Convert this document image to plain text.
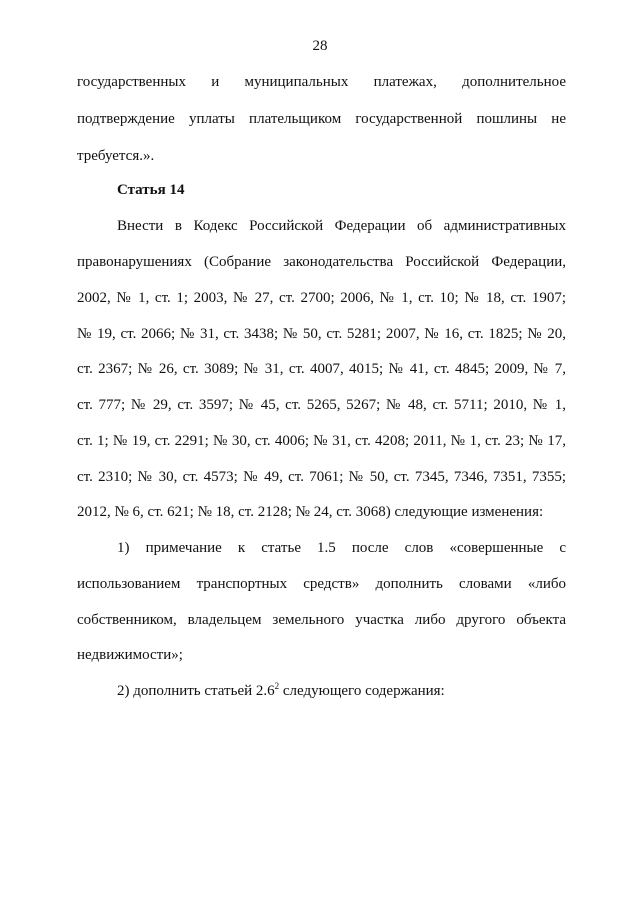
28
государственных и муниципальных платежах, дополнительное
подтверждение уплаты плательщиком государственной пошлины не
требуется.».
Статья 14
Внести в Кодекс Российской Федерации об административных
правонарушениях (Собрание законодательства Российской Федерации,
2002, № 1, ст. 1; 2003, № 27, ст. 2700; 2006, № 1, ст. 10; № 18, ст. 1907;
№ 19, ст. 2066; № 31, ст. 3438; № 50, ст. 5281; 2007, № 16, ст. 1825; № 20,
ст. 2367; № 26, ст. 3089; № 31, ст. 4007, 4015; № 41, ст. 4845; 2009, № 7,
ст. 777; № 29, ст. 3597; № 45, ст. 5265, 5267; № 48, ст. 5711; 2010, № 1,
ст. 1; № 19, ст. 2291; № 30, ст. 4006; № 31, ст. 4208; 2011, № 1, ст. 23; № 17,
ст. 2310; № 30, ст. 4573; № 49, ст. 7061; № 50, ст. 7345, 7346, 7351, 7355;
2012, № 6, ст. 621; № 18, ст. 2128; № 24, ст. 3068) следующие изменения:
1) примечание к статье 1.5 после слов «совершенные с
использованием транспортных средств» дополнить словами «либо
собственником, владельцем земельного участка либо другого объекта
недвижимости»;
2) дополнить статьей $2.6^2$ следующего содержания:
